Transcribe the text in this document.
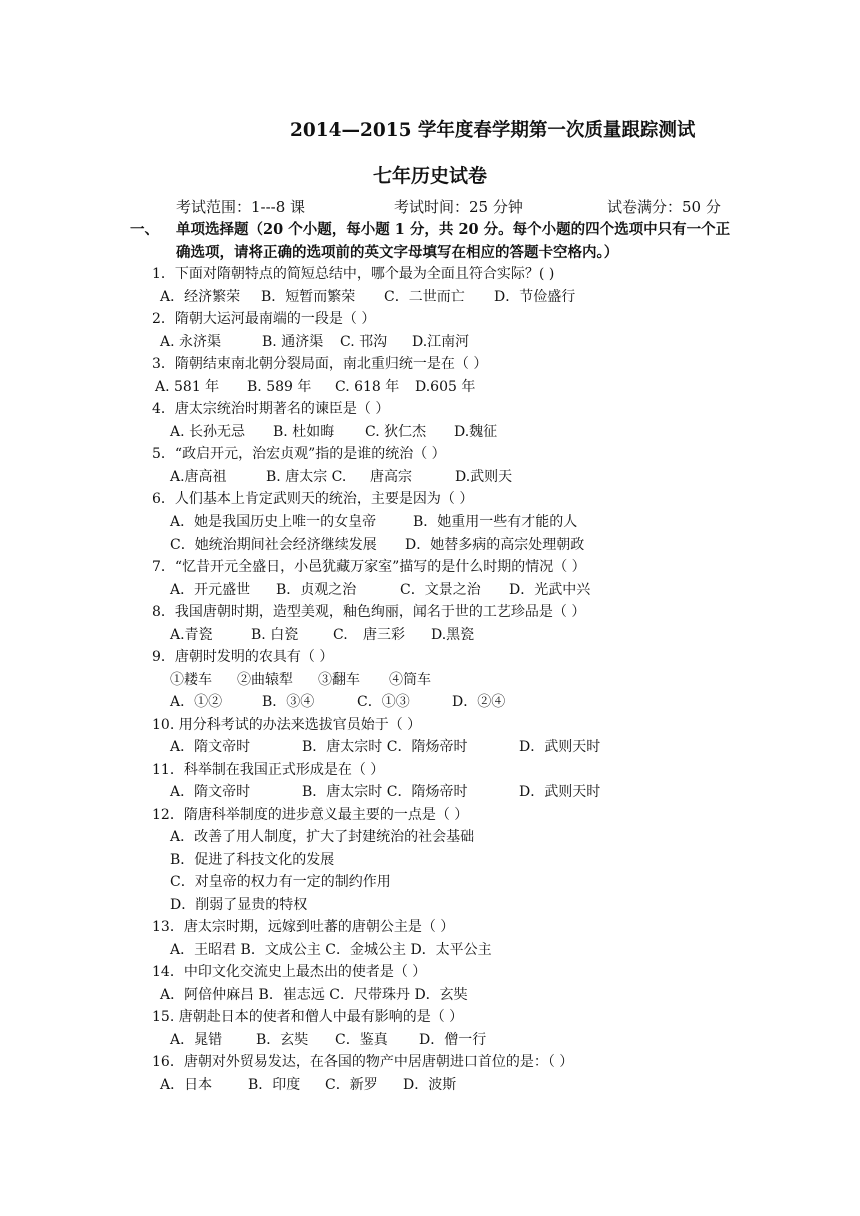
2014—2015 学年度春学期第一次质量跟踪测试
七年历史试卷
考试范围：1---8 课	考试时间：25 分钟	试卷满分：50 分
一、 单项选择题（20 个小题，每小题 1 分，共 20 分。每个小题的四个选项中只有一个正
确选项，请将正确的选项前的英文字母填写在相应的答题卡空格内。）
1．下面对隋朝特点的简短总结中，哪个最为全面且符合实际？( )
A．经济繁荣 B．短暂而繁荣 C．二世而亡 D．节俭盛行
2．隋朝大运河最南端的一段是（ ）
A. 永济渠	B. 通济渠 C. 邗沟 D.江南河
3．隋朝结束南北朝分裂局面，南北重归统一是在（ ）
A. 581 年 B. 589 年 C. 618 年 D.605 年
4．唐太宗统治时期著名的谏臣是（ ）
A. 长孙无忌 B. 杜如晦 C. 狄仁杰 D.魏征
5．“政启开元，治宏贞观”指的是谁的统治（ ）
A.唐高祖	B. 唐太宗 C. 唐高宗	D.武则天
6．人们基本上肯定武则天的统治，主要是因为（ ）
A．她是我国历史上唯一的女皇帝	B．她重用一些有才能的人
C．她统治期间社会经济继续发展 D．她替多病的高宗处理朝政
7．“忆昔开元全盛日，小邑犹藏万家室”描写的是什么时期的情况（ ）
A．开元盛世 B．贞观之治	C．文景之治 D．光武中兴
8．我国唐朝时期，造型美观，釉色绚丽，闻名于世的工艺珍品是（ ）
A.青瓷	B. 白瓷 C. 唐三彩 D.黑瓷
9．唐朝时发明的农具有（ ）
①耧车 ②曲辕犁 ③翻车 ④筒车
A．①②	B．③④	C．①③	D．②④
10. 用分科考试的办法来选拔官员始于（ ）
A．隋文帝时	B．唐太宗时 C．隋炀帝时	D．武则天时
11．科举制在我国正式形成是在（ ）
A．隋文帝时	B．唐太宗时 C．隋炀帝时	D．武则天时
12．隋唐科举制度的进步意义最主要的一点是（ ）
A．改善了用人制度，扩大了封建统治的社会基础
B．促进了科技文化的发展
C．对皇帝的权力有一定的制约作用
D．削弱了显贵的特权
13．唐太宗时期，远嫁到吐蕃的唐朝公主是（ ）
A．王昭君 B．文成公主 C．金城公主 D．太平公主
14．中印文化交流史上最杰出的使者是（ ）
A．阿倍仲麻吕 B．崔志远 C．尺带珠丹 D．玄奘
15. 唐朝赴日本的使者和僧人中最有影响的是（ ）
A．晁错 B．玄奘 C．鉴真 D．僧一行
16．唐朝对外贸易发达，在各国的物产中居唐朝进口首位的是：（ ）
A．日本	B．印度 C．新罗 D．波斯
